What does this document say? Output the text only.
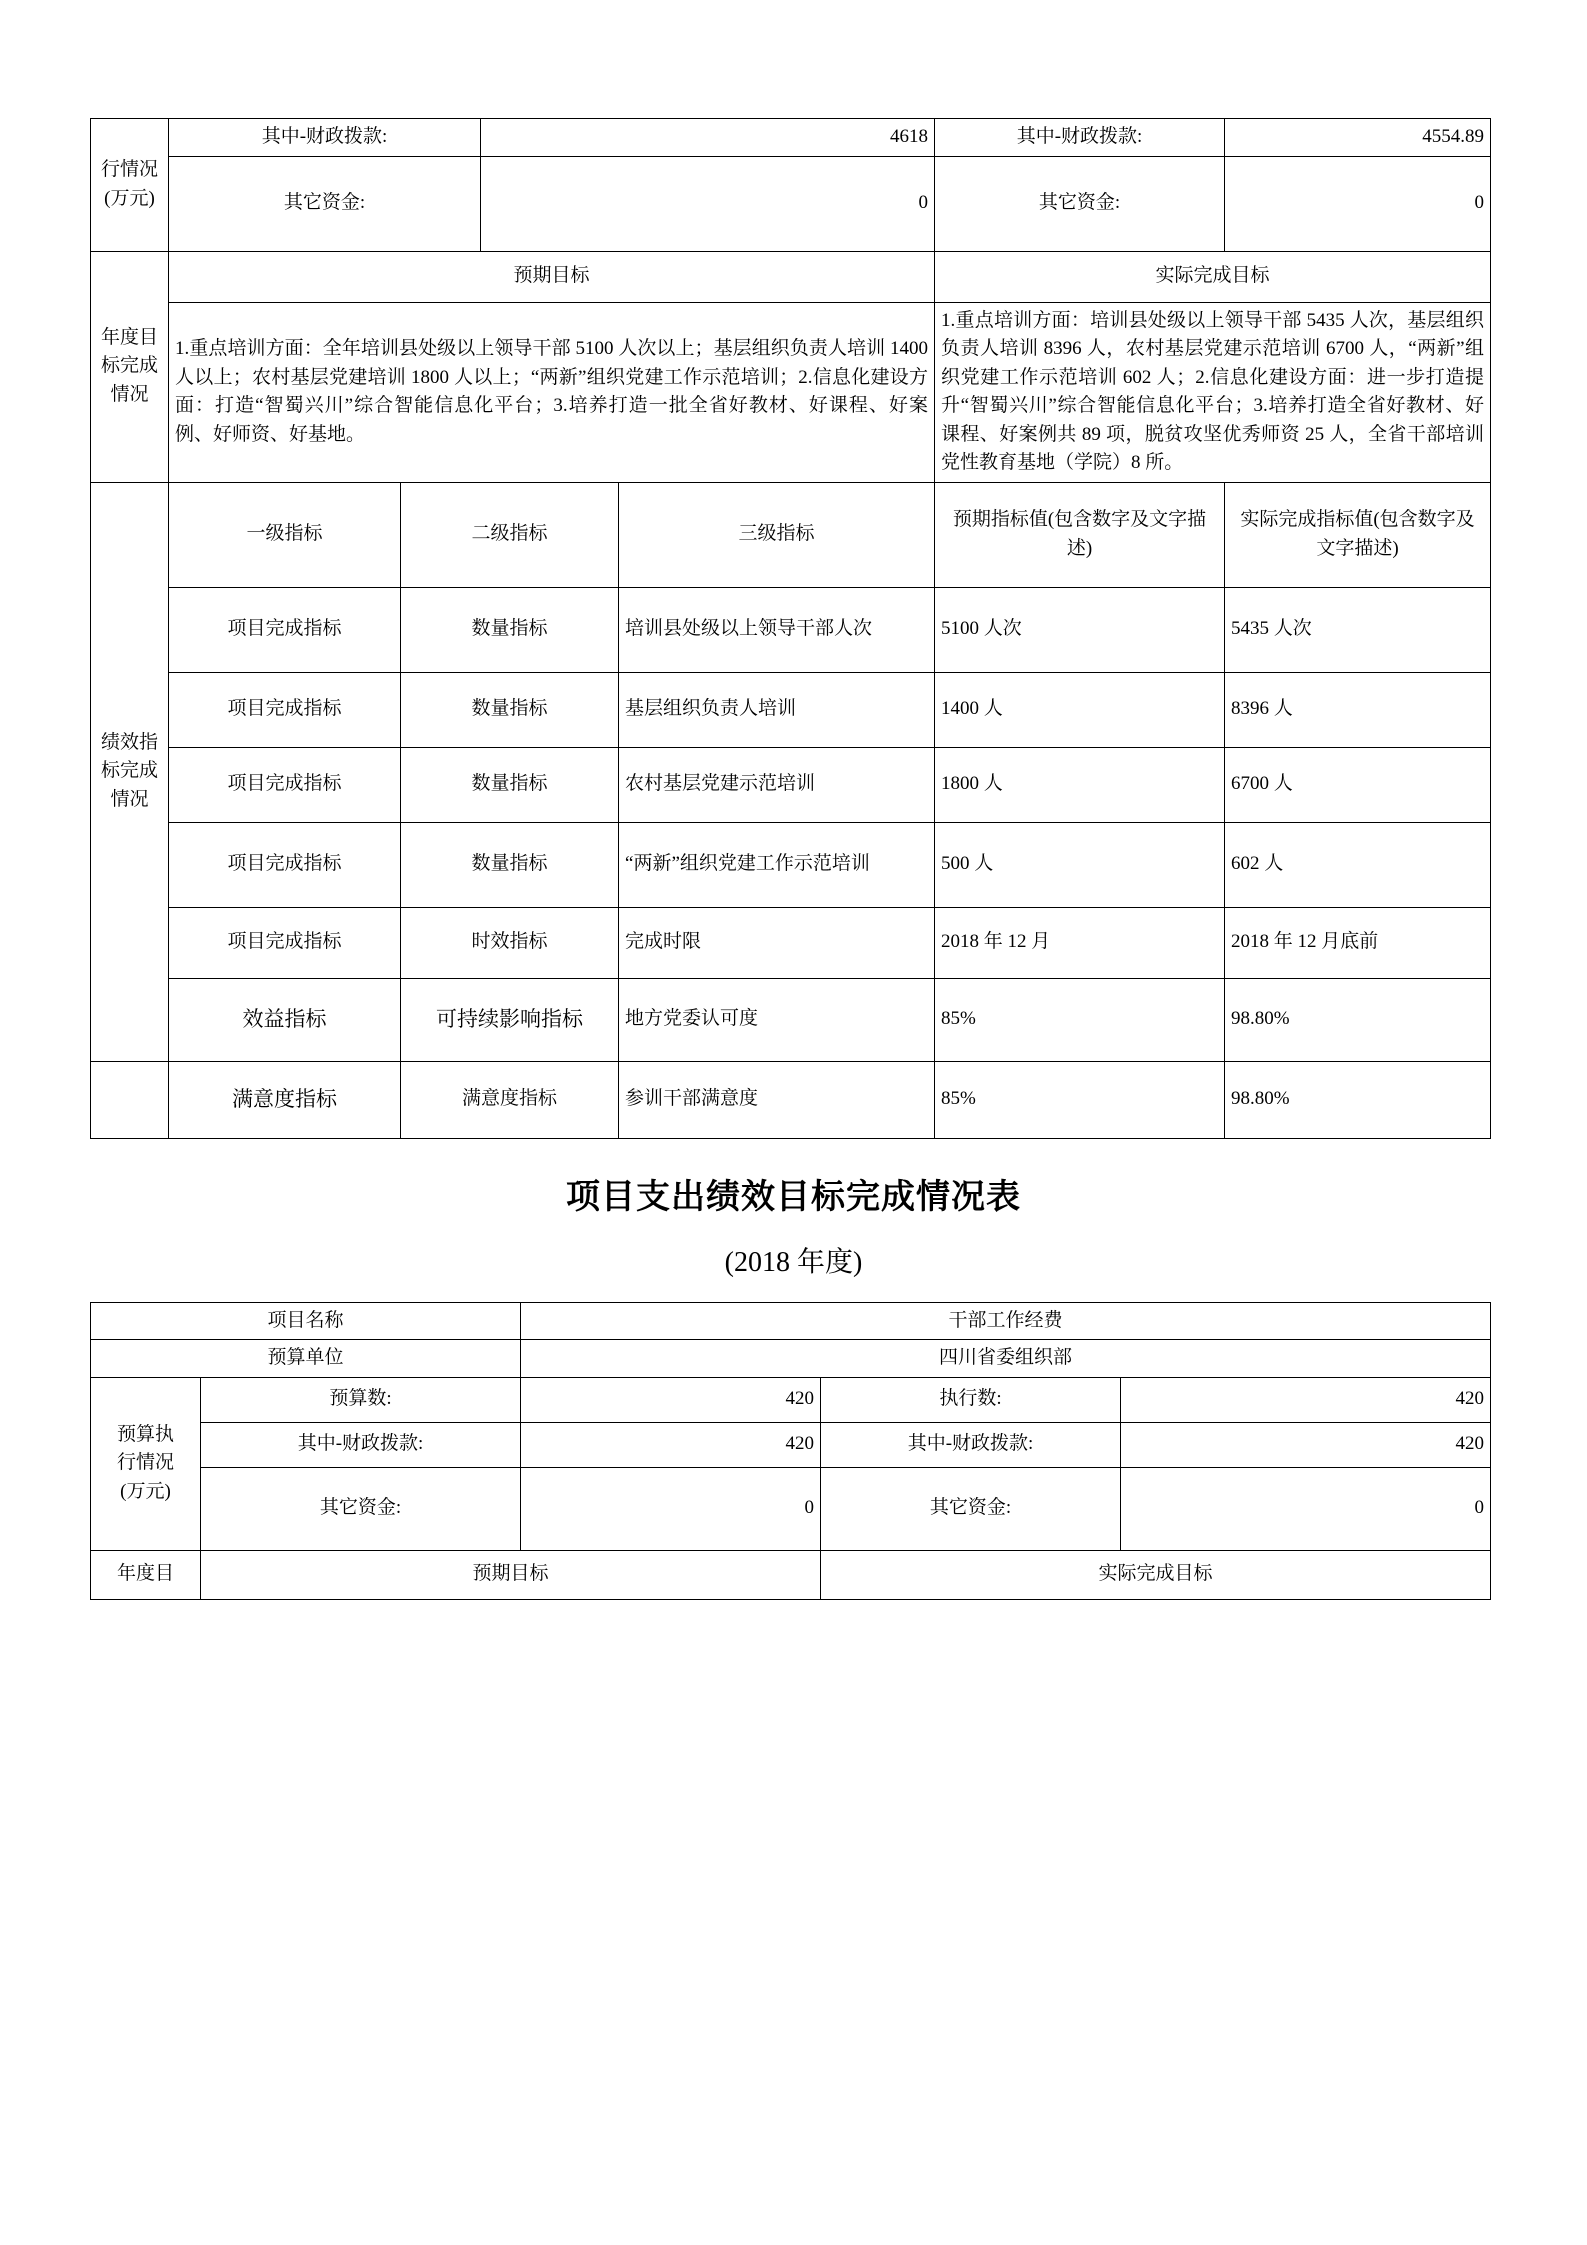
行情况
(万元)	其中-财政拨款:		4618		其中-财政拨款:	4554.89
	其它资金:		0		其它资金:	0
年度目标完成情况	预期目标				实际完成目标	
	1.重点培训方面：全年培训县处级以上领导干部 5100 人次以上；基层组织负责人培训 1400 人以上；农村基层党建培训 1800 人以上；“两新”组织党建工作示范培训；2.信息化建设方面：打造“智蜀兴川”综合智能信息化平台；3.培养打造一批全省好教材、好课程、好案例、好师资、好基地。				1.重点培训方面：培训县处级以上领导干部 5435 人次，基层组织负责人培训 8396 人，农村基层党建示范培训 6700 人，“两新”组织党建工作示范培训 602 人；2.信息化建设方面：进一步打造提升“智蜀兴川”综合智能信息化平台；3.培养打造全省好教材、好课程、好案例共 89 项，脱贫攻坚优秀师资 25 人，全省干部培训党性教育基地（学院）8 所。	
绩效指标完成情况	一级指标	二级指标		三级指标	预期指标值(包含数字及文字描述)	实际完成指标值(包含数字及文字描述)
	项目完成指标	数量指标		培训县处级以上领导干部人次	5100 人次	5435 人次
	项目完成指标	数量指标		基层组织负责人培训	1400 人	8396 人
	项目完成指标	数量指标		农村基层党建示范培训	1800 人	6700 人
	项目完成指标	数量指标		“两新”组织党建工作示范培训	500 人	602 人
	项目完成指标	时效指标		完成时限	2018 年 12 月	2018 年 12 月底前
	效益指标	可持续影响指标		地方党委认可度	85%	98.80%
	满意度指标	满意度指标		参训干部满意度	85%	98.80%
项目支出绩效目标完成情况表
(2018 年度)
项目名称		干部工作经费		
预算单位		四川省委组织部		

预算执
行情况
(万元)	预算数:	420	执行数:	420
	其中-财政拨款:	420	其中-财政拨款:	420
	其它资金:	0	其它资金:	0
年度目	预期目标		实际完成目标	
